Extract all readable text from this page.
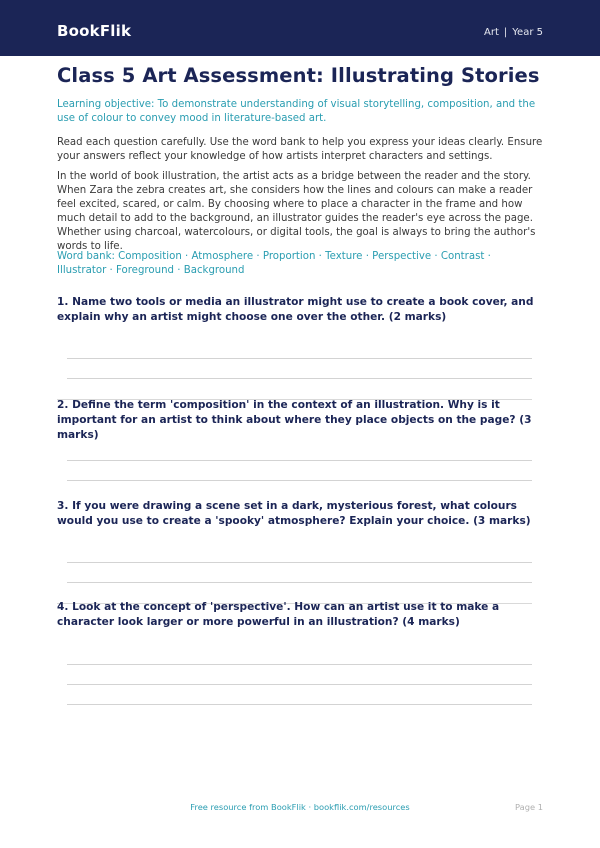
BookFlik	Art | Year 5
Class 5 Art Assessment: Illustrating Stories
Learning objective: To demonstrate understanding of visual storytelling, composition, and the use of colour to convey mood in literature-based art.
Read each question carefully. Use the word bank to help you express your ideas clearly. Ensure your answers reflect your knowledge of how artists interpret characters and settings.
In the world of book illustration, the artist acts as a bridge between the reader and the story. When Zara the zebra creates art, she considers how the lines and colours can make a reader feel excited, scared, or calm. By choosing where to place a character in the frame and how much detail to add to the background, an illustrator guides the reader's eye across the page. Whether using charcoal, watercolours, or digital tools, the goal is always to bring the author's words to life.
Word bank: Composition · Atmosphere · Proportion · Texture · Perspective · Contrast · Illustrator · Foreground · Background
1. Name two tools or media an illustrator might use to create a book cover, and explain why an artist might choose one over the other. (2 marks)
2. Define the term 'composition' in the context of an illustration. Why is it important for an artist to think about where they place objects on the page? (3 marks)
3. If you were drawing a scene set in a dark, mysterious forest, what colours would you use to create a 'spooky' atmosphere? Explain your choice. (3 marks)
4. Look at the concept of 'perspective'. How can an artist use it to make a character look larger or more powerful in an illustration? (4 marks)
Free resource from BookFlik · bookflik.com/resources	Page 1
